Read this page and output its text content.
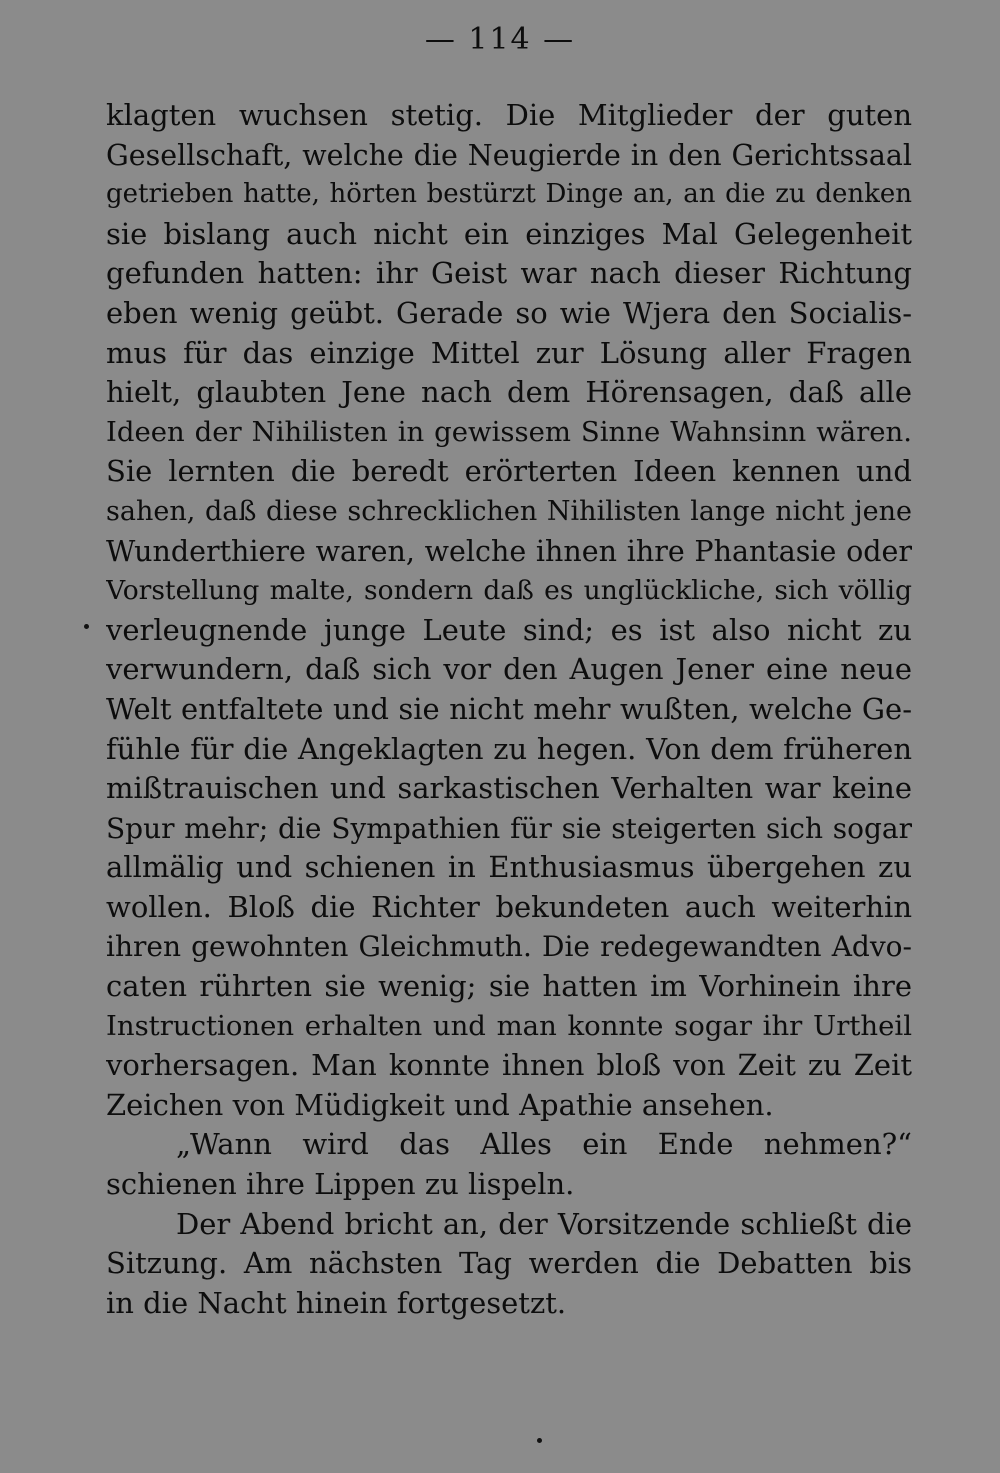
— 114 —
klagten wuchsen stetig. Die Mitglieder der guten
Gesellschaft, welche die Neugierde in den Gerichtssaal
getrieben hatte, hörten bestürzt Dinge an, an die zu denken
sie bislang auch nicht ein einziges Mal Gelegenheit
gefunden hatten: ihr Geist war nach dieser Richtung
eben wenig geübt. Gerade so wie Wjera den Socialis-
mus für das einzige Mittel zur Lösung aller Fragen
hielt, glaubten Jene nach dem Hörensagen, daß alle
Ideen der Nihilisten in gewissem Sinne Wahnsinn wären.
Sie lernten die beredt erörterten Ideen kennen und
sahen, daß diese schrecklichen Nihilisten lange nicht jene
Wunderthiere waren, welche ihnen ihre Phantasie oder
Vorstellung malte, sondern daß es unglückliche, sich völlig
verleugnende junge Leute sind; es ist also nicht zu
verwundern, daß sich vor den Augen Jener eine neue
Welt entfaltete und sie nicht mehr wußten, welche Ge-
fühle für die Angeklagten zu hegen. Von dem früheren
mißtrauischen und sarkastischen Verhalten war keine
Spur mehr; die Sympathien für sie steigerten sich sogar
allmälig und schienen in Enthusiasmus übergehen zu
wollen. Bloß die Richter bekundeten auch weiterhin
ihren gewohnten Gleichmuth. Die redegewandten Advo-
caten rührten sie wenig; sie hatten im Vorhinein ihre
Instructionen erhalten und man konnte sogar ihr Urtheil
vorhersagen. Man konnte ihnen bloß von Zeit zu Zeit
Zeichen von Müdigkeit und Apathie ansehen.
„Wann wird das Alles ein Ende nehmen?“
schienen ihre Lippen zu lispeln.
Der Abend bricht an, der Vorsitzende schließt die
Sitzung. Am nächsten Tag werden die Debatten bis
in die Nacht hinein fortgesetzt.
